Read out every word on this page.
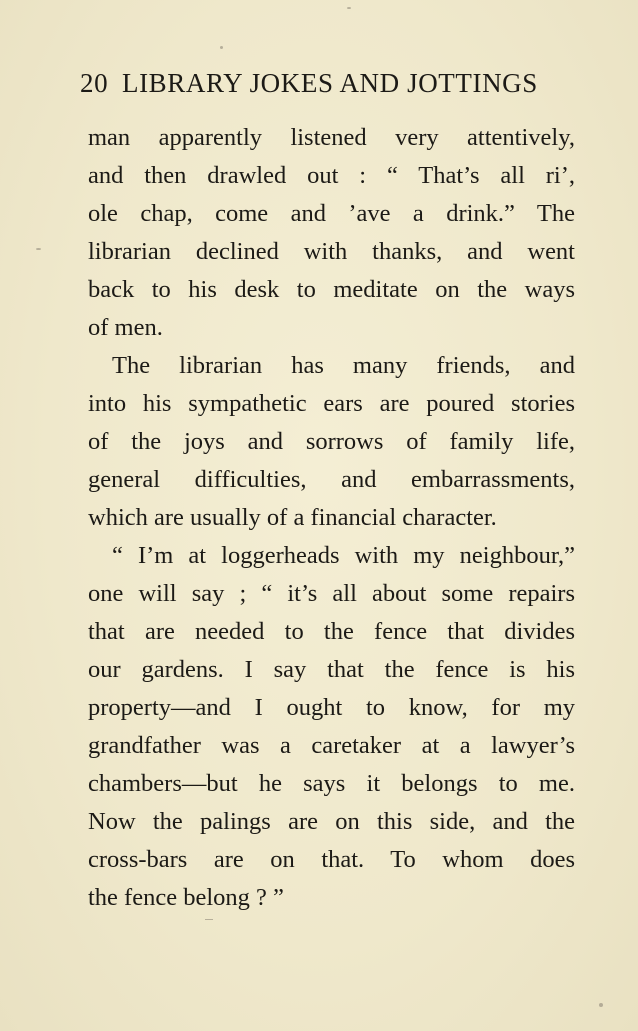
20 LIBRARY JOKES AND JOTTINGS
man apparently listened very attentively,
and then drawled out : “ That’s all ri’,
ole chap, come and ’ave a drink.” The
librarian declined with thanks, and went
back to his desk to meditate on the ways
of men.
The librarian has many friends, and
into his sympathetic ears are poured stories
of the joys and sorrows of family life,
general difficulties, and embarrassments,
which are usually of a financial character.
“ I’m at loggerheads with my neighbour,”
one will say ; “ it’s all about some repairs
that are needed to the fence that divides
our gardens. I say that the fence is his
property—and I ought to know, for my
grandfather was a caretaker at a lawyer’s
chambers—but he says it belongs to me.
Now the palings are on this side, and the
cross-bars are on that. To whom does
the fence belong ? ”
